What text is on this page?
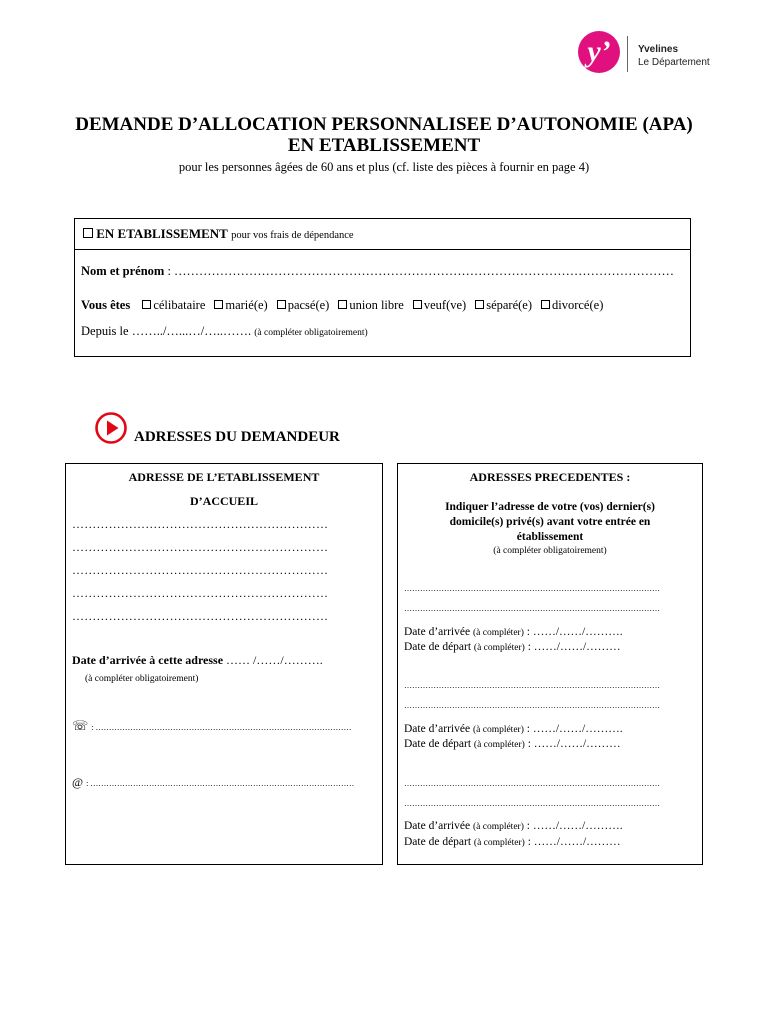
y’	Yvelines
Le Département
DEMANDE D’ALLOCATION PERSONNALISEE D’AUTONOMIE (APA)
EN ETABLISSEMENT
pour les personnes âgées de 60 ans et plus (cf. liste des pièces à fournir en page 4)
EN ETABLISSEMENT pour vos frais de dépendance
Nom et prénom : …………………………………………………………………………………………………………
Vous êtes célibataire marié(e) pacsé(e) union libre veuf(ve) séparé(e) divorcé(e)
Depuis le ……../…...…/…..……. (à compléter obligatoirement)
ADRESSES DU DEMANDEUR
ADRESSE DE L’ETABLISSEMENT
D’ACCUEIL
………………………………………………………
………………………………………………………
………………………………………………………
………………………………………………………
………………………………………………………
Date d’arrivée à cette adresse …… /……/……….
(à compléter obligatoirement)
☏ : ……………………………………………………………………………………
@ : ………………………………………………………………………………………
ADRESSES PRECEDENTES :
Indiquer l’adresse de votre (vos) dernier(s)
domicile(s) privé(s) avant votre entrée en
établissement
(à compléter obligatoirement)
……………………………………………………………………………………
……………………………………………………………………………………
Date d’arrivée (à compléter) : ……/……/……….
Date de départ (à compléter) : ……/……/………
……………………………………………………………………………………
……………………………………………………………………………………
Date d’arrivée (à compléter) : ……/……/……….
Date de départ (à compléter) : ……/……/………
……………………………………………………………………………………
……………………………………………………………………………………
Date d’arrivée (à compléter) : ……/……/……….
Date de départ (à compléter) : ……/……/………
